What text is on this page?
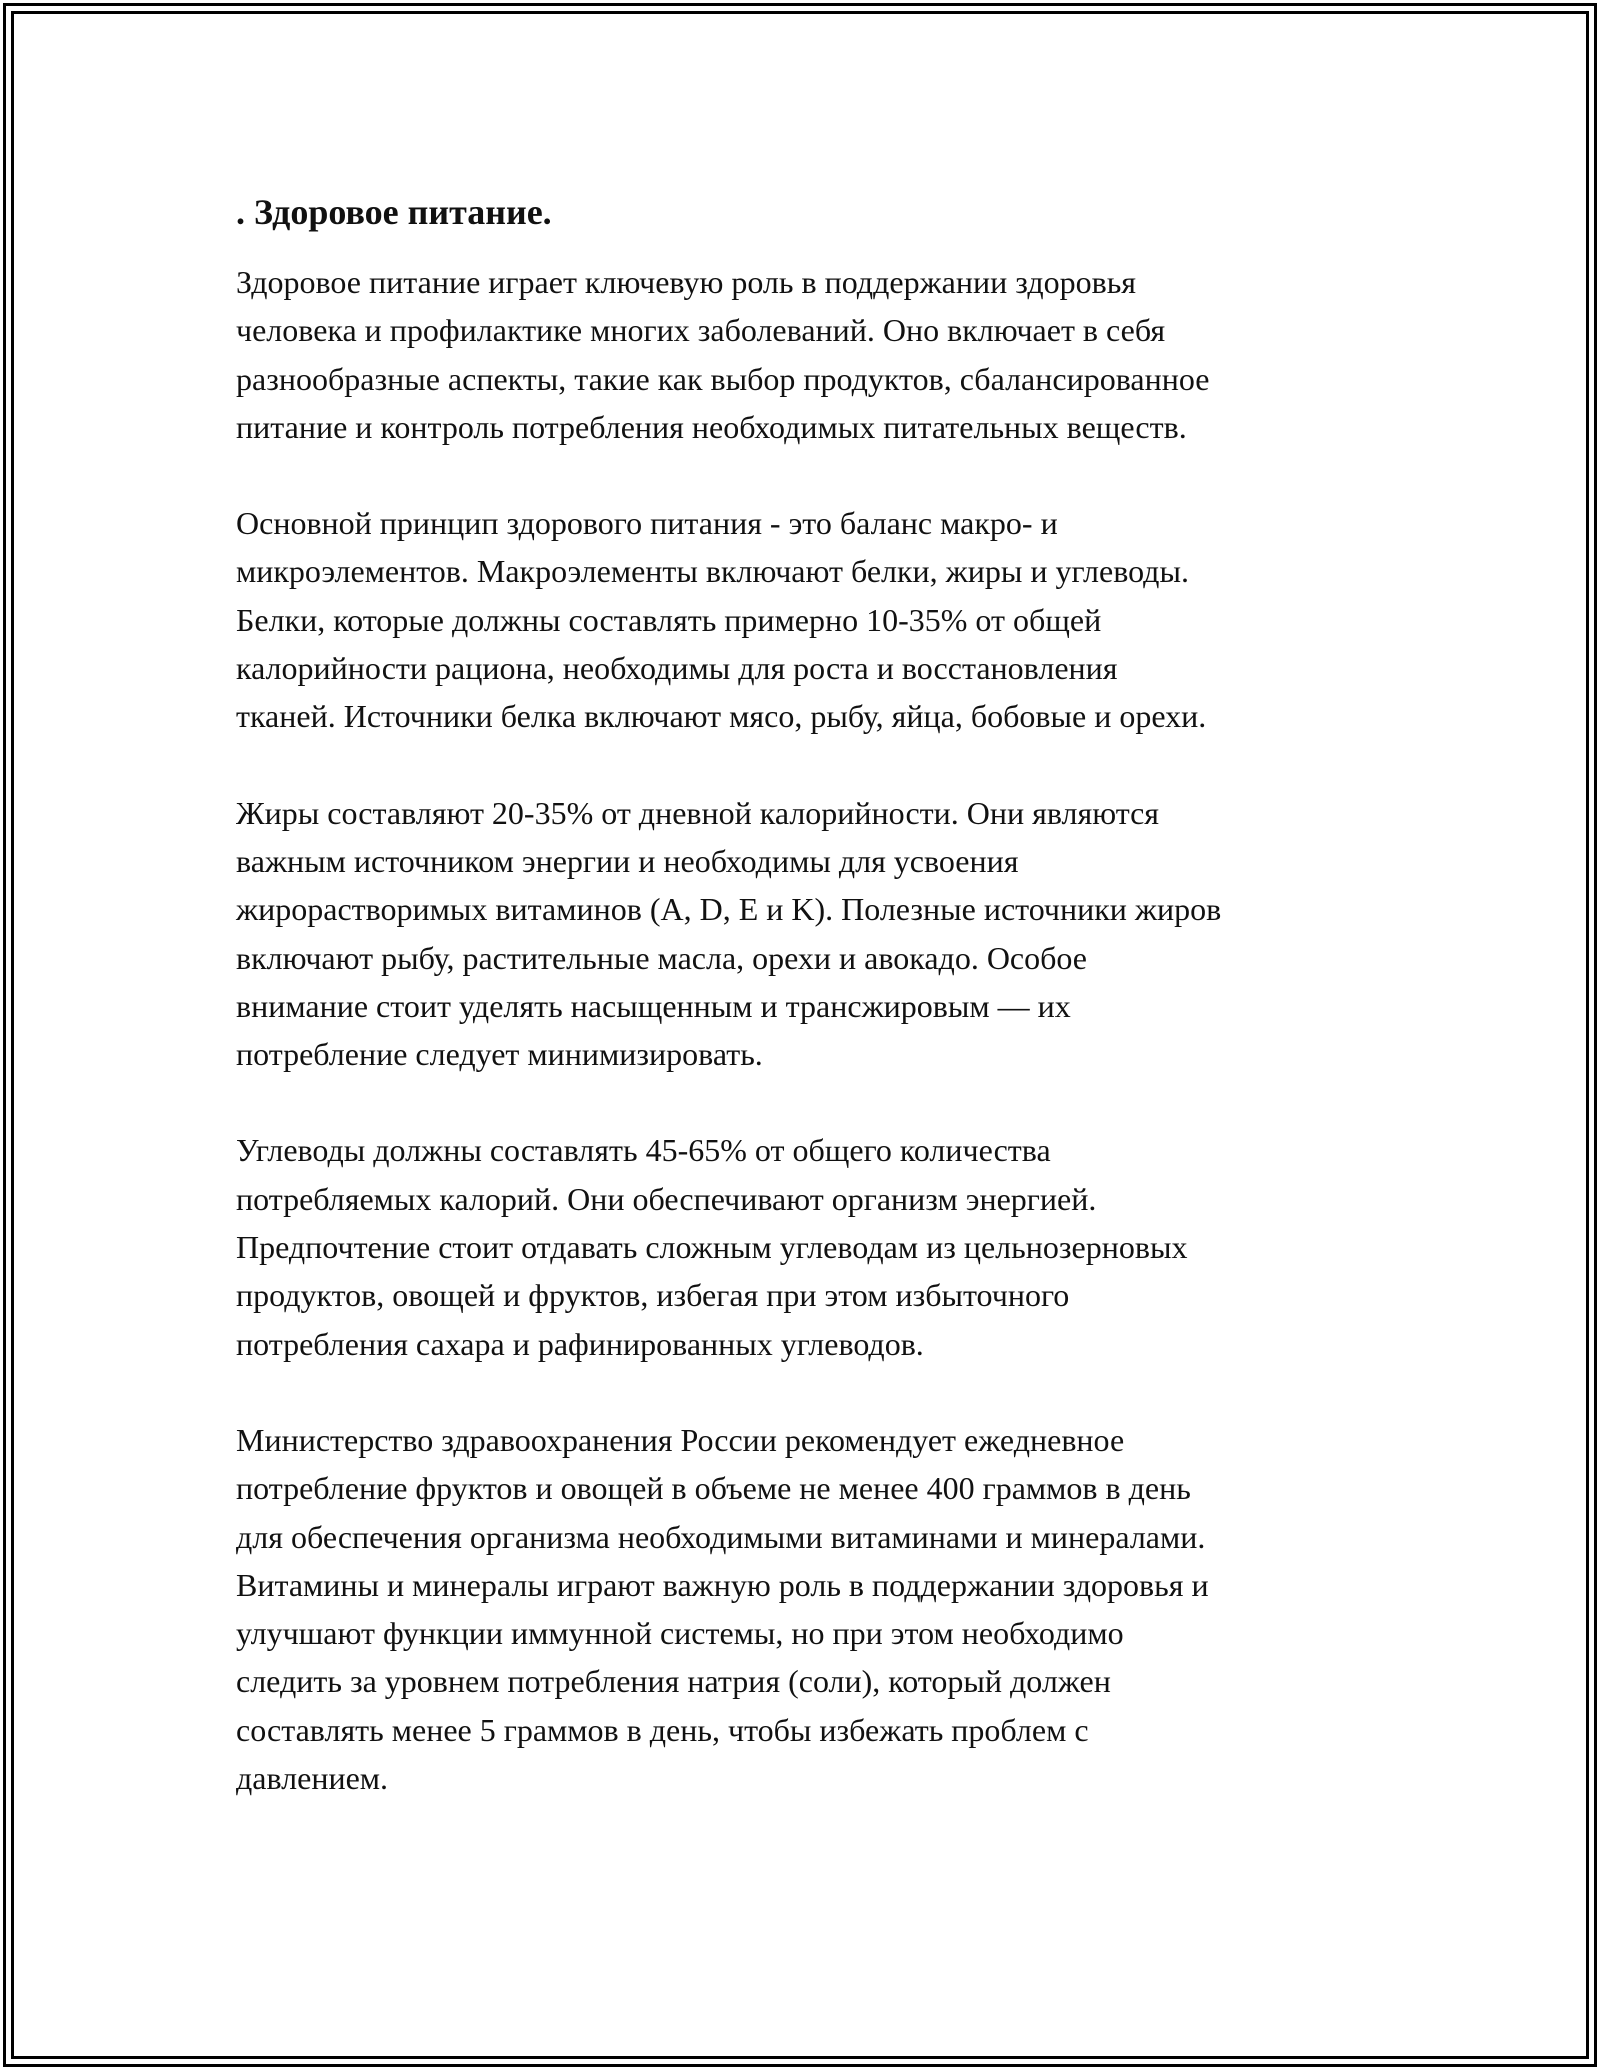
. Здоровое питание.

Здоровое питание играет ключевую роль в поддержании здоровья
человека и профилактике многих заболеваний. Оно включает в себя
разнообразные аспекты, такие как выбор продуктов, сбалансированное
питание и контроль потребления необходимых питательных веществ.

Основной принцип здорового питания - это баланс макро- и
микроэлементов. Макроэлементы включают белки, жиры и углеводы.
Белки, которые должны составлять примерно 10-35% от общей
калорийности рациона, необходимы для роста и восстановления
тканей. Источники белка включают мясо, рыбу, яйца, бобовые и орехи.

Жиры составляют 20-35% от дневной калорийности. Они являются
важным источником энергии и необходимы для усвоения
жирорастворимых витаминов (A, D, E и K). Полезные источники жиров
включают рыбу, растительные масла, орехи и авокадо. Особое
внимание стоит уделять насыщенным и трансжировым — их
потребление следует минимизировать.

Углеводы должны составлять 45-65% от общего количества
потребляемых калорий. Они обеспечивают организм энергией.
Предпочтение стоит отдавать сложным углеводам из цельнозерновых
продуктов, овощей и фруктов, избегая при этом избыточного
потребления сахара и рафинированных углеводов.

Министерство здравоохранения России рекомендует ежедневное
потребление фруктов и овощей в объеме не менее 400 граммов в день
для обеспечения организма необходимыми витаминами и минералами.
Витамины и минералы играют важную роль в поддержании здоровья и
улучшают функции иммунной системы, но при этом необходимо
следить за уровнем потребления натрия (соли), который должен
составлять менее 5 граммов в день, чтобы избежать проблем с
давлением.
